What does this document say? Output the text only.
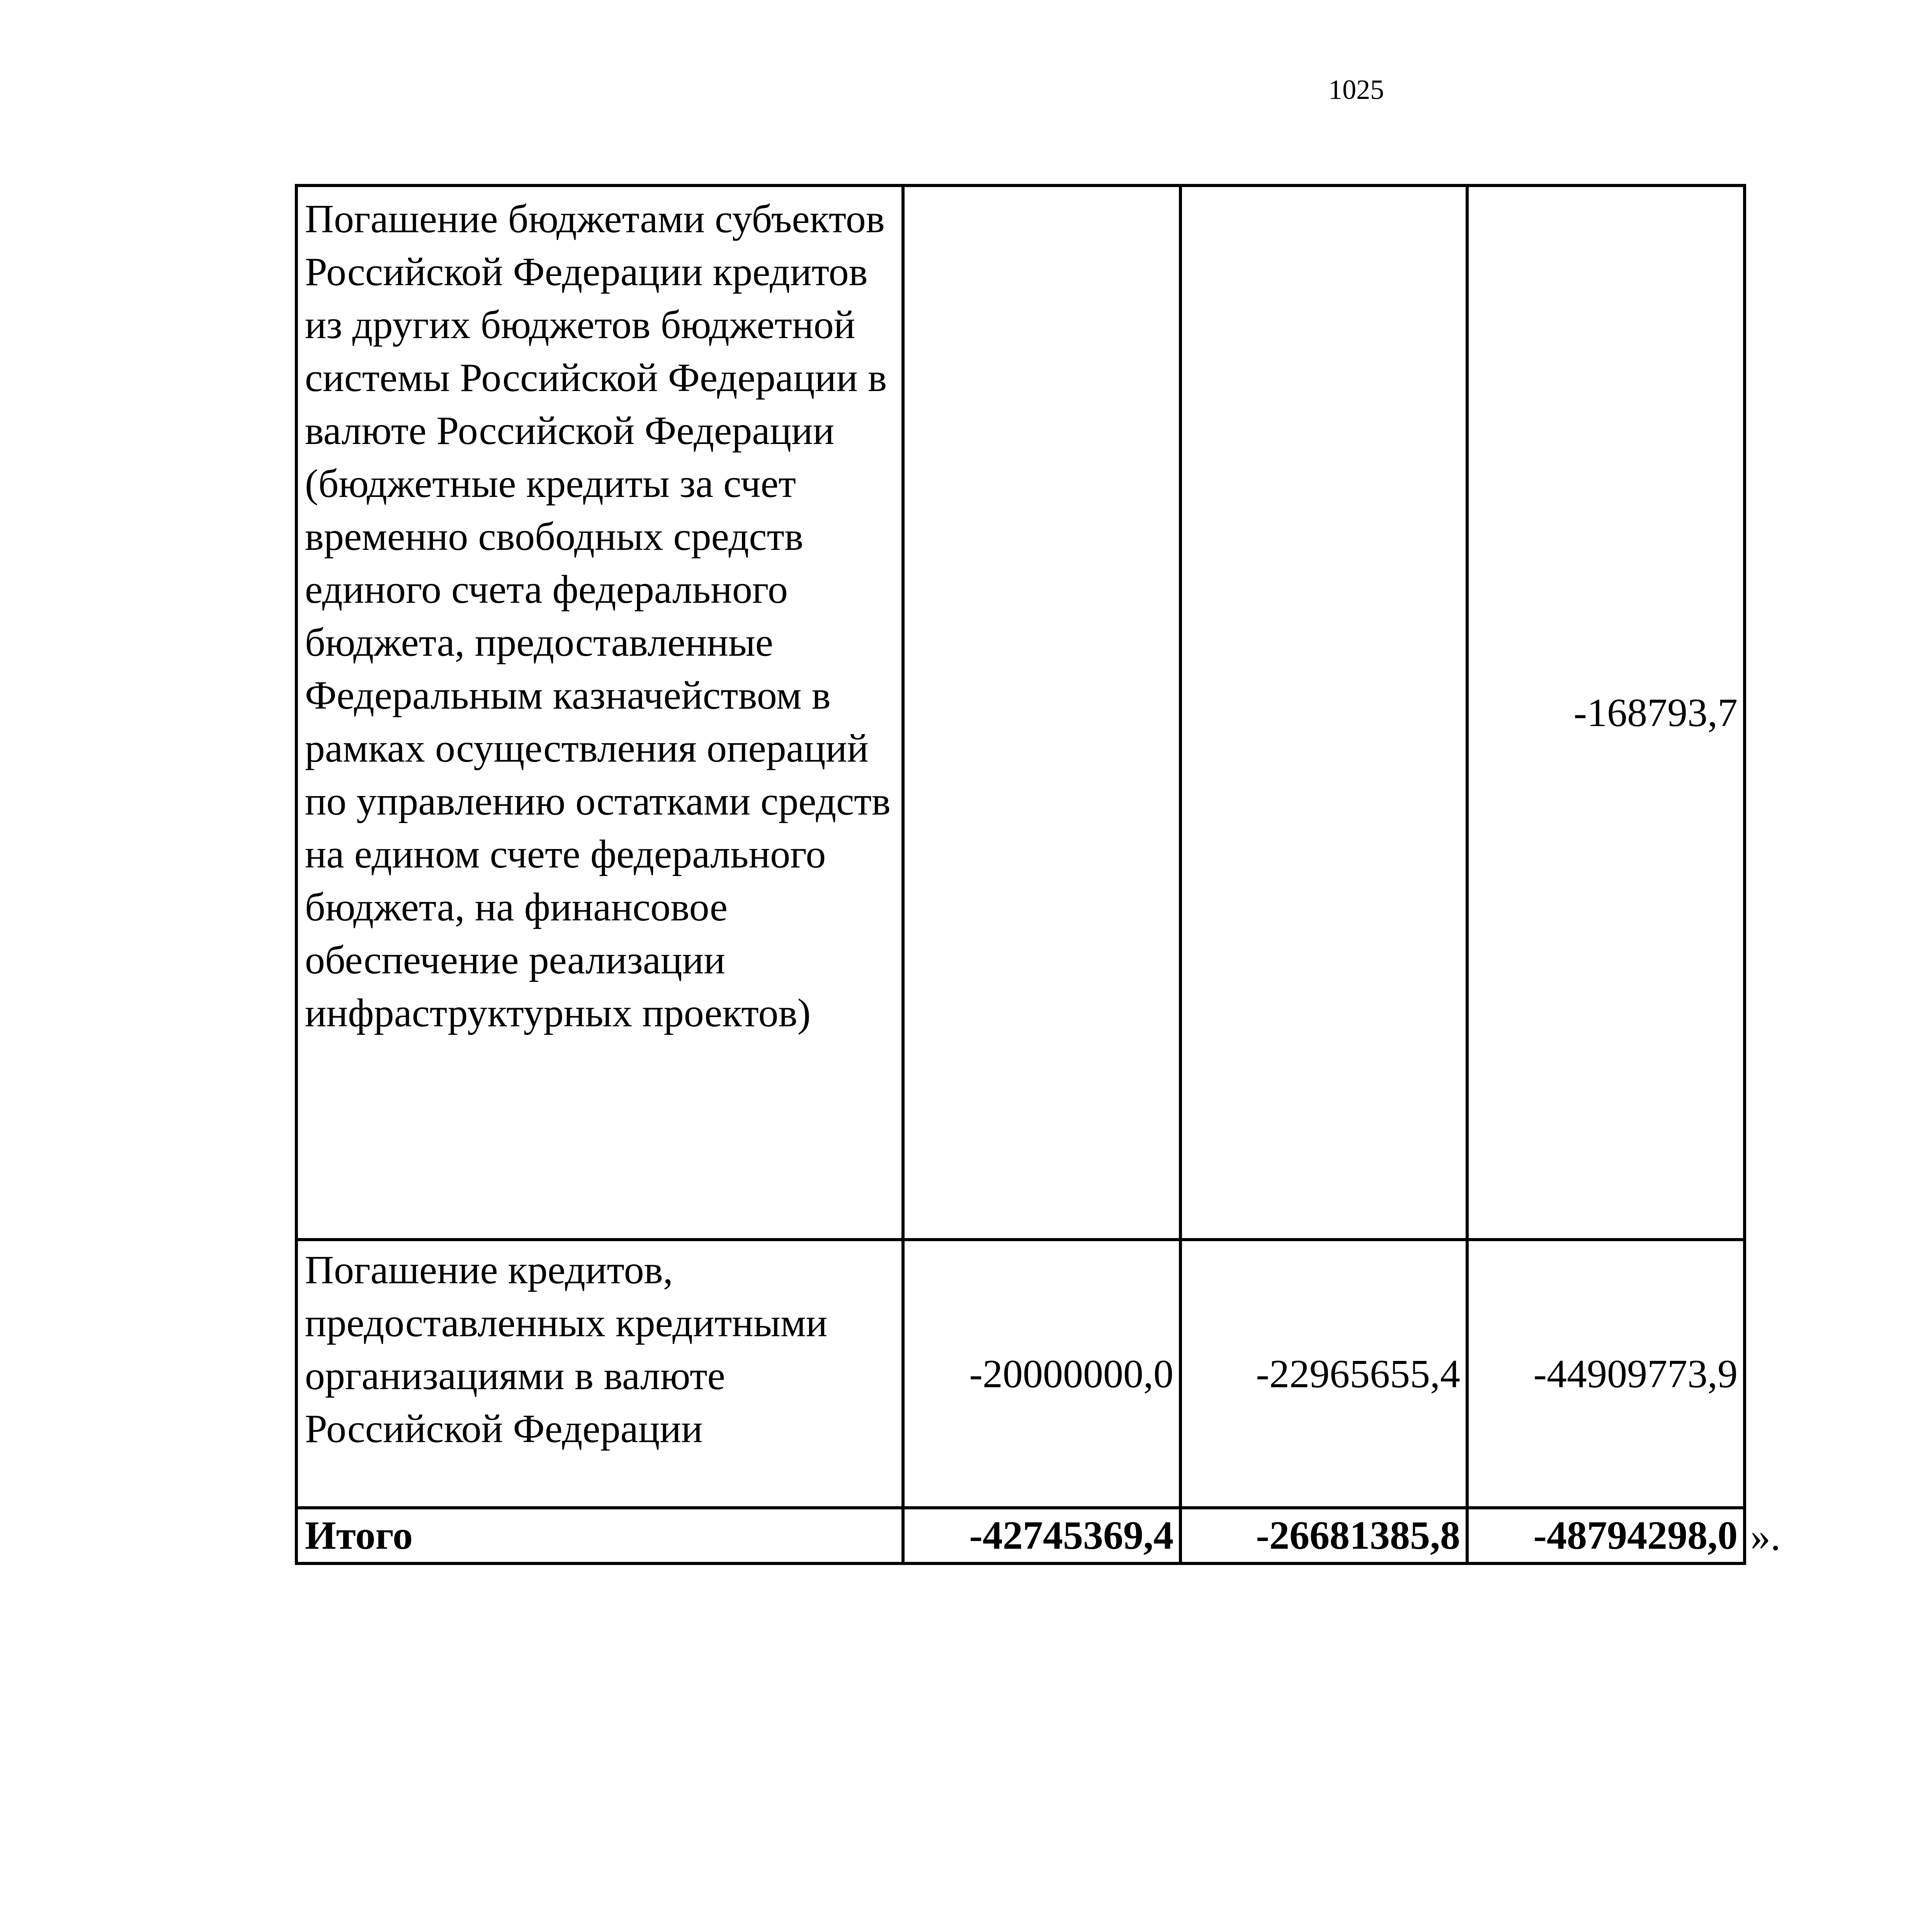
1025
Погашение бюджетами субъектов Российской Федерации кредитов из других бюджетов бюджетной системы Российской Федерации в валюте Российской Федерации (бюджетные кредиты за счет временно свободных средств единого счета федерального бюджета, предоставленные Федеральным казначейством в рамках осуществления операций по управлению остатками средств на едином счете федерального бюджета, на финансовое обеспечение реализации инфраструктурных проектов)			-168793,7
Погашение кредитов, предоставленных кредитными организациями в валюте Российской Федерации	-20000000,0	-22965655,4	-44909773,9
Итого	-42745369,4	-26681385,8	-48794298,0 ».
